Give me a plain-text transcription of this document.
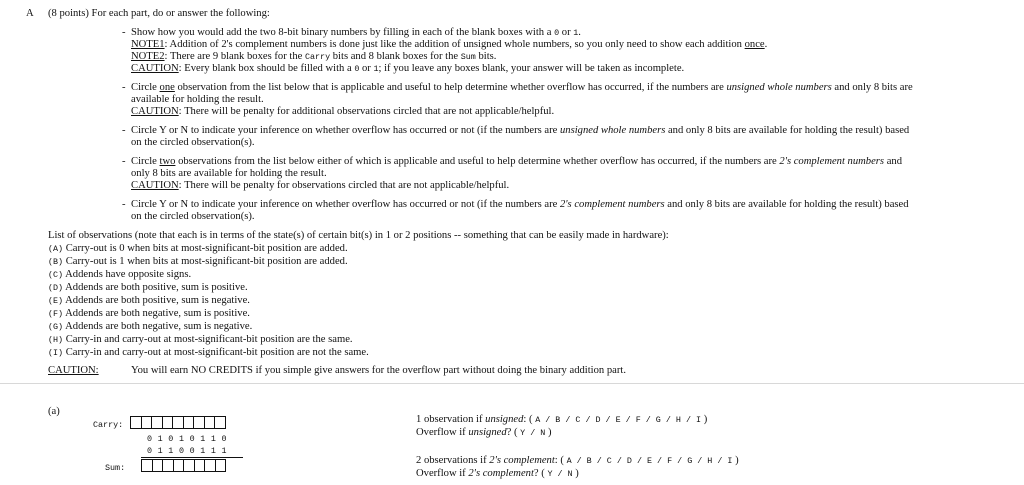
A (8 points) For each part, do or answer the following:
- Show how you would add the two 8-bit binary numbers by filling in each of the blank boxes with a 0 or 1.
NOTE1: Addition of 2's complement numbers is done just like the addition of unsigned whole numbers, so you only need to show each addition once.
NOTE2: There are 9 blank boxes for the Carry bits and 8 blank boxes for the Sum bits.
CAUTION: Every blank box should be filled with a 0 or 1; if you leave any boxes blank, your answer will be taken as incomplete.
- Circle one observation from the list below that is applicable and useful to help determine whether overflow has occurred, if the numbers are unsigned whole numbers and only 8 bits are
available for holding the result.
CAUTION: There will be penalty for additional observations circled that are not applicable/helpful.
- Circle Y or N to indicate your inference on whether overflow has occurred or not (if the numbers are unsigned whole numbers and only 8 bits are available for holding the result) based
on the circled observation(s).
- Circle two observations from the list below either of which is applicable and useful to help determine whether overflow has occurred, if the numbers are 2's complement numbers and
only 8 bits are available for holding the result.
CAUTION: There will be penalty for observations circled that are not applicable/helpful.
- Circle Y or N to indicate your inference on whether overflow has occurred or not (if the numbers are 2's complement numbers and only 8 bits are available for holding the result) based
on the circled observation(s).
List of observations (note that each is in terms of the state(s) of certain bit(s) in 1 or 2 positions -- something that can be easily made in hardware):
(A) Carry-out is 0 when bits at most-significant-bit position are added.
(B) Carry-out is 1 when bits at most-significant-bit position are added.
(C) Addends have opposite signs.
(D) Addends are both positive, sum is positive.
(E) Addends are both positive, sum is negative.
(F) Addends are both negative, sum is positive.
(G) Addends are both negative, sum is negative.
(H) Carry-in and carry-out at most-significant-bit position are the same.
(I) Carry-in and carry-out at most-significant-bit position are not the same.
CAUTION:	You will earn NO CREDITS if you simple give answers for the overflow part without doing the binary addition part.
(a)
Carry:
0 1 0 1 0 1 1 0
0 1 1 0 0 1 1 1
Sum:
1 observation if unsigned: ( A / B / C / D / E / F / G / H / I )
Overflow if unsigned? ( Y / N )
2 observations if 2's complement: ( A / B / C / D / E / F / G / H / I )
Overflow if 2's complement? ( Y / N )
